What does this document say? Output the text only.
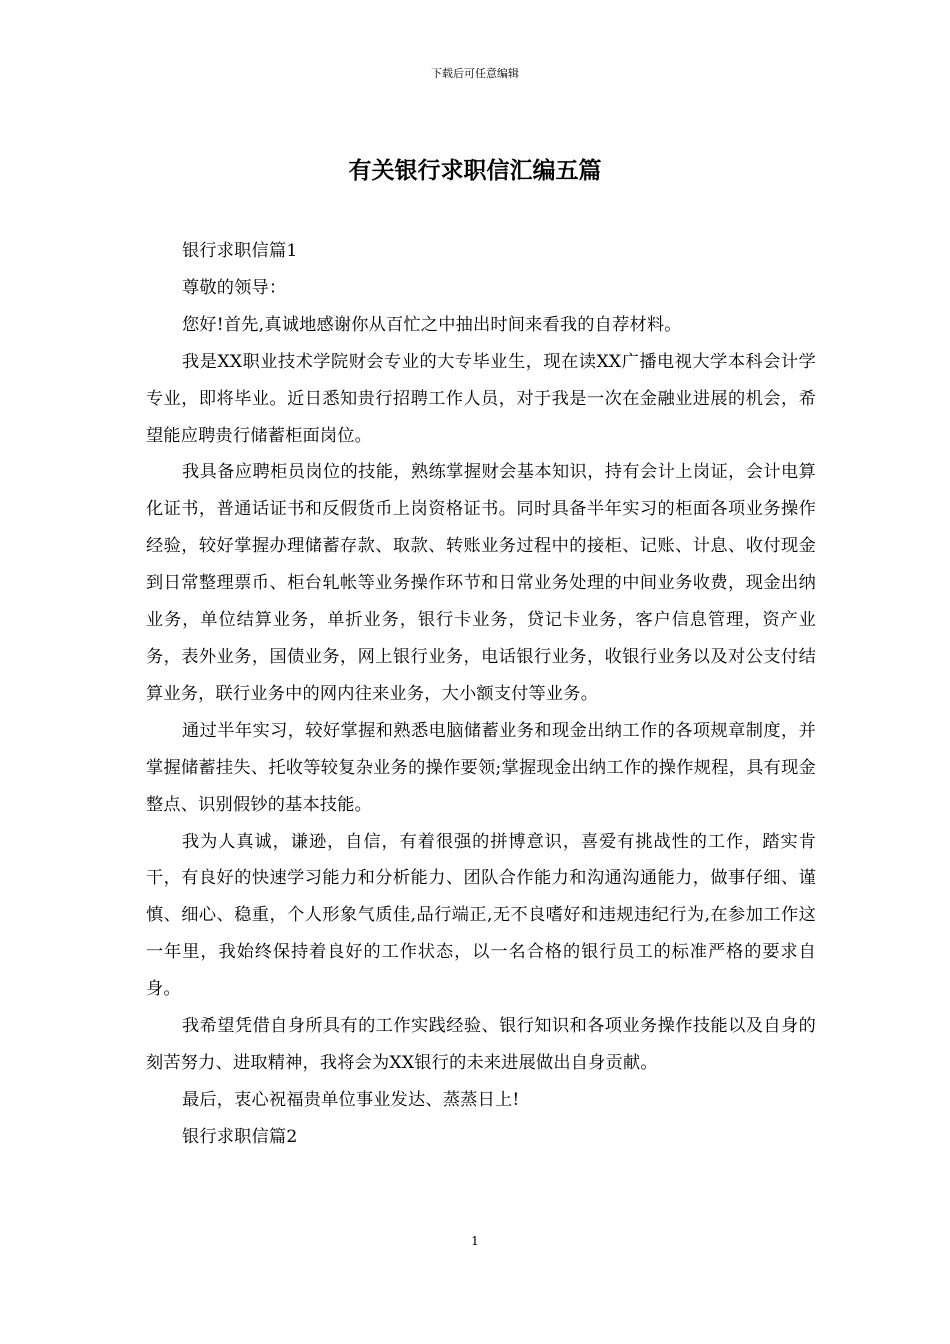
下载后可任意编辑
有关银行求职信汇编五篇

银行求职信篇1

尊敬的领导：

您好!首先,真诚地感谢你从百忙之中抽出时间来看我的自荐材料。

我是XX职业技术学院财会专业的大专毕业生，现在读XX广播电视大学本科会计学专业，即将毕业。近日悉知贵行招聘工作人员，对于我是一次在金融业进展的机会，希望能应聘贵行储蓄柜面岗位。

我具备应聘柜员岗位的技能，熟练掌握财会基本知识，持有会计上岗证，会计电算化证书，普通话证书和反假货币上岗资格证书。同时具备半年实习的柜面各项业务操作经验，较好掌握办理储蓄存款、取款、转账业务过程中的接柜、记账、计息、收付现金到日常整理票币、柜台轧帐等业务操作环节和日常业务处理的中间业务收费，现金出纳业务，单位结算业务，单折业务，银行卡业务，贷记卡业务，客户信息管理，资产业务，表外业务，国债业务，网上银行业务，电话银行业务，收银行业务以及对公支付结算业务，联行业务中的网内往来业务，大小额支付等业务。

通过半年实习，较好掌握和熟悉电脑储蓄业务和现金出纳工作的各项规章制度，并掌握储蓄挂失、托收等较复杂业务的操作要领;掌握现金出纳工作的操作规程，具有现金整点、识别假钞的基本技能。

我为人真诚，谦逊，自信，有着很强的拼博意识，喜爱有挑战性的工作，踏实肯干，有良好的快速学习能力和分析能力、团队合作能力和沟通沟通能力，做事仔细、谨慎、细心、稳重，个人形象气质佳,品行端正,无不良嗜好和违规违纪行为,在参加工作这一年里，我始终保持着良好的工作状态，以一名合格的银行员工的标准严格的要求自身。

我希望凭借自身所具有的工作实践经验、银行知识和各项业务操作技能以及自身的刻苦努力、进取精神，我将会为XX银行的未来进展做出自身贡献。

最后，衷心祝福贵单位事业发达、蒸蒸日上!

银行求职信篇2

1
